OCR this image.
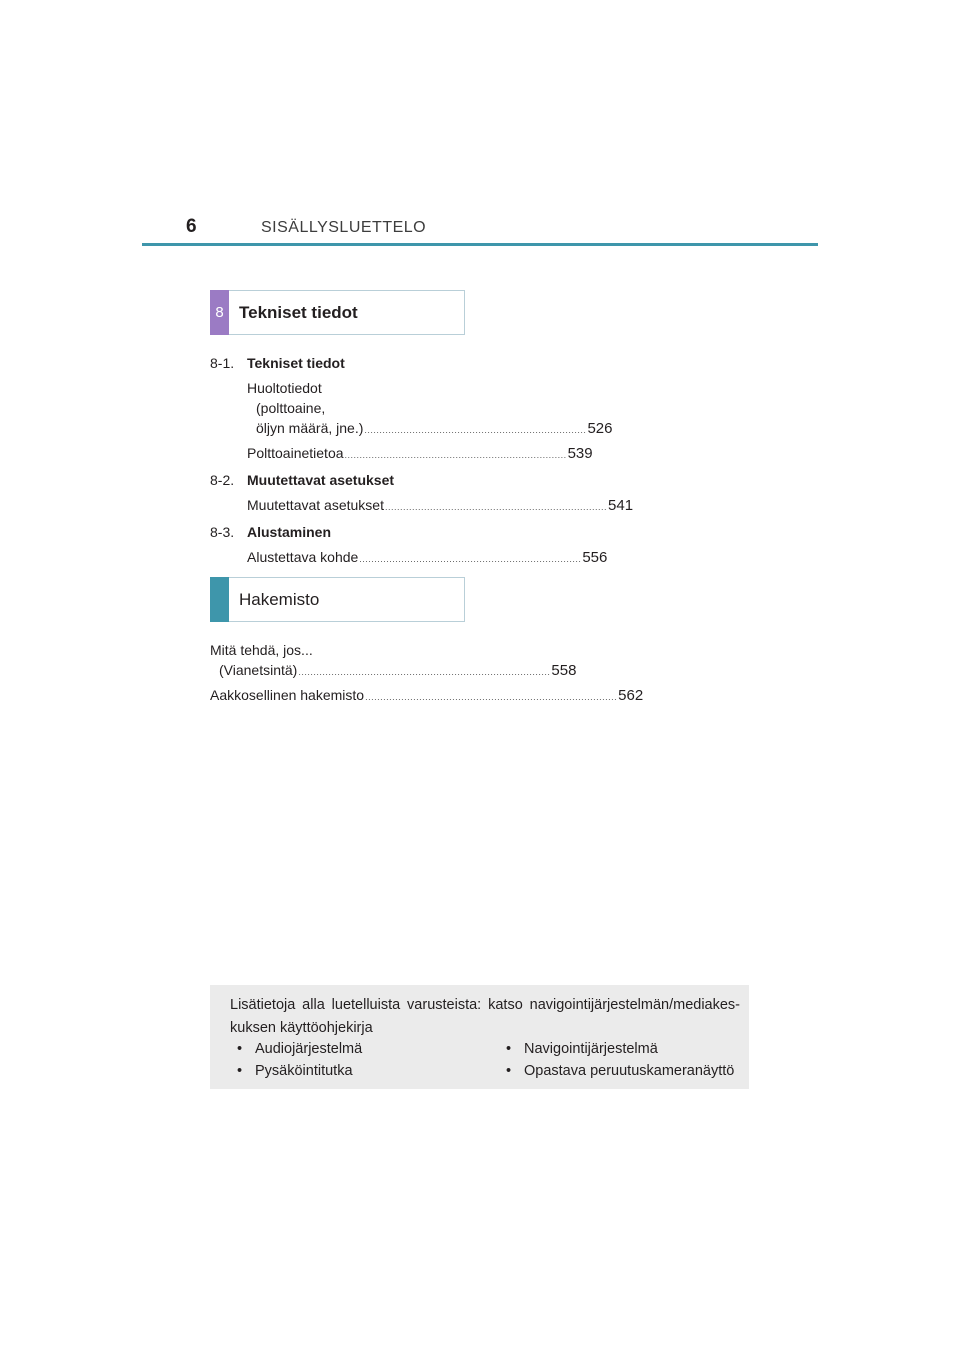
6	SISÄLLYSLUETTELO
8 Tekniset tiedot
8-1. Tekniset tiedot
Huoltotiedot
(polttoaine,
öljyn määrä, jne.) .......................................................................... 526
Polttoainetietoa .......................................................................... 539
8-2. Muutettavat asetukset
Muutettavat asetukset .......................................................................... 541
8-3. Alustaminen
Alustettava kohde .......................................................................... 556
Hakemisto
Mitä tehdä, jos...
(Vianetsintä) .................................................................................... 558
Aakkosellinen hakemisto .................................................................................... 562
Lisätietoja alla luetelluista varusteista: katso navigointijärjestelmän/mediakes-
kuksen käyttöohjekirja
• Audiojärjestelmä
• Pysäköintitutka
• Navigointijärjestelmä
• Opastava peruutuskameranäyttö
